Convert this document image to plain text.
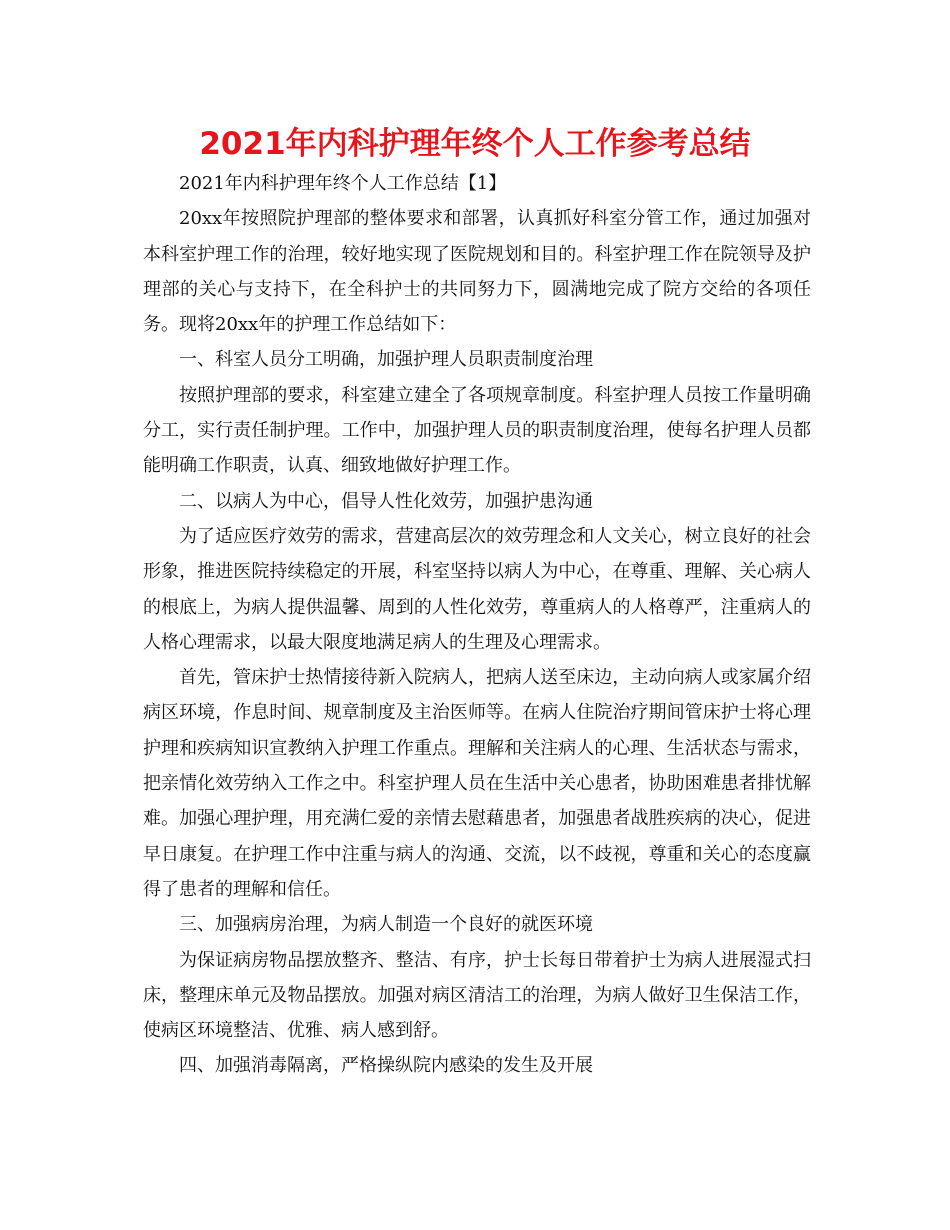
2021年内科护理年终个人工作参考总结

2021年内科护理年终个人工作总结【1】

20xx年按照院护理部的整体要求和部署，认真抓好科室分管工作，通过加强对本科室护理工作的治理，较好地实现了医院规划和目的。科室护理工作在院领导及护理部的关心与支持下，在全科护士的共同努力下，圆满地完成了院方交给的各项任务。现将20xx年的护理工作总结如下：

一、科室人员分工明确，加强护理人员职责制度治理

按照护理部的要求，科室建立建全了各项规章制度。科室护理人员按工作量明确分工，实行责任制护理。工作中，加强护理人员的职责制度治理，使每名护理人员都能明确工作职责，认真、细致地做好护理工作。

二、以病人为中心，倡导人性化效劳，加强护患沟通

为了适应医疗效劳的需求，营建高层次的效劳理念和人文关心，树立良好的社会形象，推进医院持续稳定的开展，科室坚持以病人为中心，在尊重、理解、关心病人的根底上，为病人提供温馨、周到的人性化效劳，尊重病人的人格尊严，注重病人的人格心理需求，以最大限度地满足病人的生理及心理需求。

首先，管床护士热情接待新入院病人，把病人送至床边，主动向病人或家属介绍病区环境，作息时间、规章制度及主治医师等。在病人住院治疗期间管床护士将心理护理和疾病知识宣教纳入护理工作重点。理解和关注病人的心理、生活状态与需求，把亲情化效劳纳入工作之中。科室护理人员在生活中关心患者，协助困难患者排忧解难。加强心理护理，用充满仁爱的亲情去慰藉患者，加强患者战胜疾病的决心，促进早日康复。在护理工作中注重与病人的沟通、交流，以不歧视，尊重和关心的态度赢得了患者的理解和信任。

三、加强病房治理，为病人制造一个良好的就医环境

为保证病房物品摆放整齐、整洁、有序，护士长每日带着护士为病人进展湿式扫床，整理床单元及物品摆放。加强对病区清洁工的治理，为病人做好卫生保洁工作，使病区环境整洁、优雅、病人感到舒。

四、加强消毒隔离，严格操纵院内感染的发生及开展
